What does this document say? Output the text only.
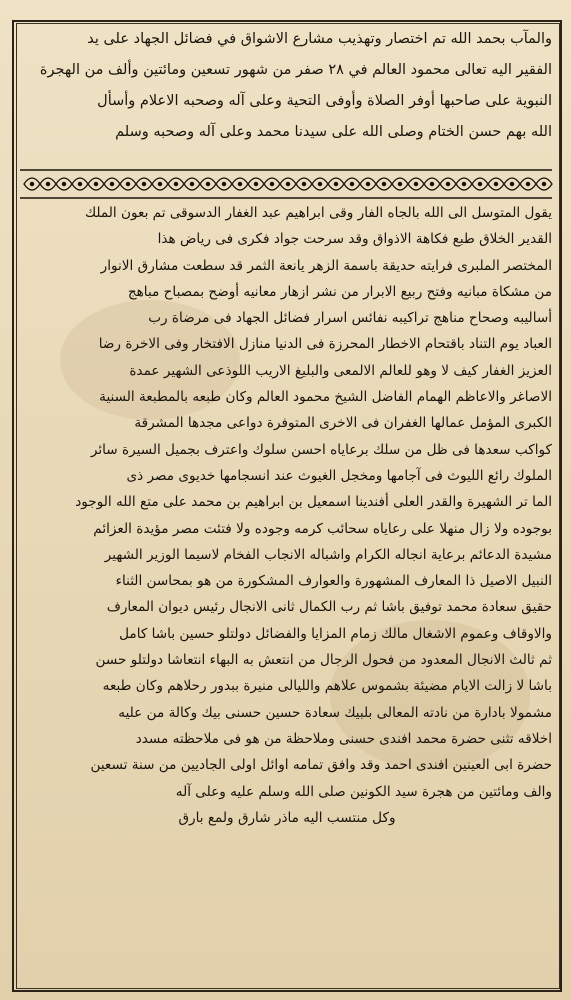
والمآب بحمد الله تم اختصار وتهذيب مشارع الاشواق في فضائل الجهاد على يد
الفقير اليه تعالى محمود العالم في ٢٨ صفر من شهور تسعين ومائتين وألف من الهجرة
النبوية على صاحبها أوفر الصلاة وأوفى التحية وعلى آله وصحبه الاعلام وأسأل
الله بهم حسن الختام وصلى الله على سيدنا محمد وعلى آله وصحبه وسلم
يقول المتوسل الى الله بالجاه الفار وقى ابراهيم عبد الغفار الدسوقى تم بعون الملك
القدير الخلاق طبع فكاهة الاذواق وقد سرحت جواد فكرى فى رياض هذا
المختصر الملبرى فرايته حديقة باسمة الزهر يانعة الثمر قد سطعت مشارق الانوار
من مشكاة مبانيه وفتح ربيع الابرار من نشر ازهار معانيه أوضح بمصباح مباهج
أساليبه وصحاح مناهج تراكيبه نفائس اسرار فضائل الجهاد فى مرضاة رب
العباد يوم التناد باقتحام الاخطار المحرزة فى الدنيا منازل الافتخار وفى الاخرة رضا
العزيز الغفار كيف لا وهو للعالم الالمعى والبليغ الاريب اللوذعى الشهير عمدة
الاصاغر والاعاظم الهمام الفاضل الشيخ محمود العالم وكان طبعه بالمطبعة السنية
الكبرى المؤمل عمالها الغفران فى الاخرى المتوفرة دواعى مجدها المشرقة
كواكب سعدها فى ظل من سلك برعاياه احسن سلوك واعترف بجميل السيرة سائر
الملوك رائع الليوث فى آجامها ومخجل الغيوث عند انسجامها خديوى مصر ذى
الما تر الشهيرة والقدر العلى أفندينا اسمعيل بن ابراهيم بن محمد على متع الله الوجود
بوجوده ولا زال منهلا على رعاياه سحائب كرمه وجوده ولا فتئت مصر مؤيدة العزائم
مشيدة الدعائم برعاية انجاله الكرام واشباله الانجاب الفخام لاسيما الوزير الشهير
النبيل الاصيل ذا المعارف المشهورة والعوارف المشكورة من هو بمحاسن الثناء
حقيق سعادة محمد توفيق باشا ثم رب الكمال ثانى الانجال رئيس ديوان المعارف
والاوقاف وعموم الاشغال مالك زمام المزايا والفضائل دولتلو حسين باشا كامل
ثم ثالث الانجال المعدود من فحول الرجال من انتعش به البهاء انتعاشا دولتلو حسن
باشا لا زالت الايام مضيئة بشموس علاهم والليالى منيرة ببدور رحلاهم وكان طبعه
مشمولا بادارة من نادته المعالى بلبيك سعادة حسين حسنى بيك وكالة من عليه
اخلاقه تثنى حضرة محمد افندى حسنى وملاحظة من هو فى ملاحظته مسدد
حضرة ابى العينين افندى احمد وقد وافق تمامه اوائل اولى الجاديين من سنة تسعين
والف ومائتين من هجرة سيد الكونين صلى الله وسلم عليه وعلى آله
وكل منتسب اليه ماذر شارق ولمع بارق
